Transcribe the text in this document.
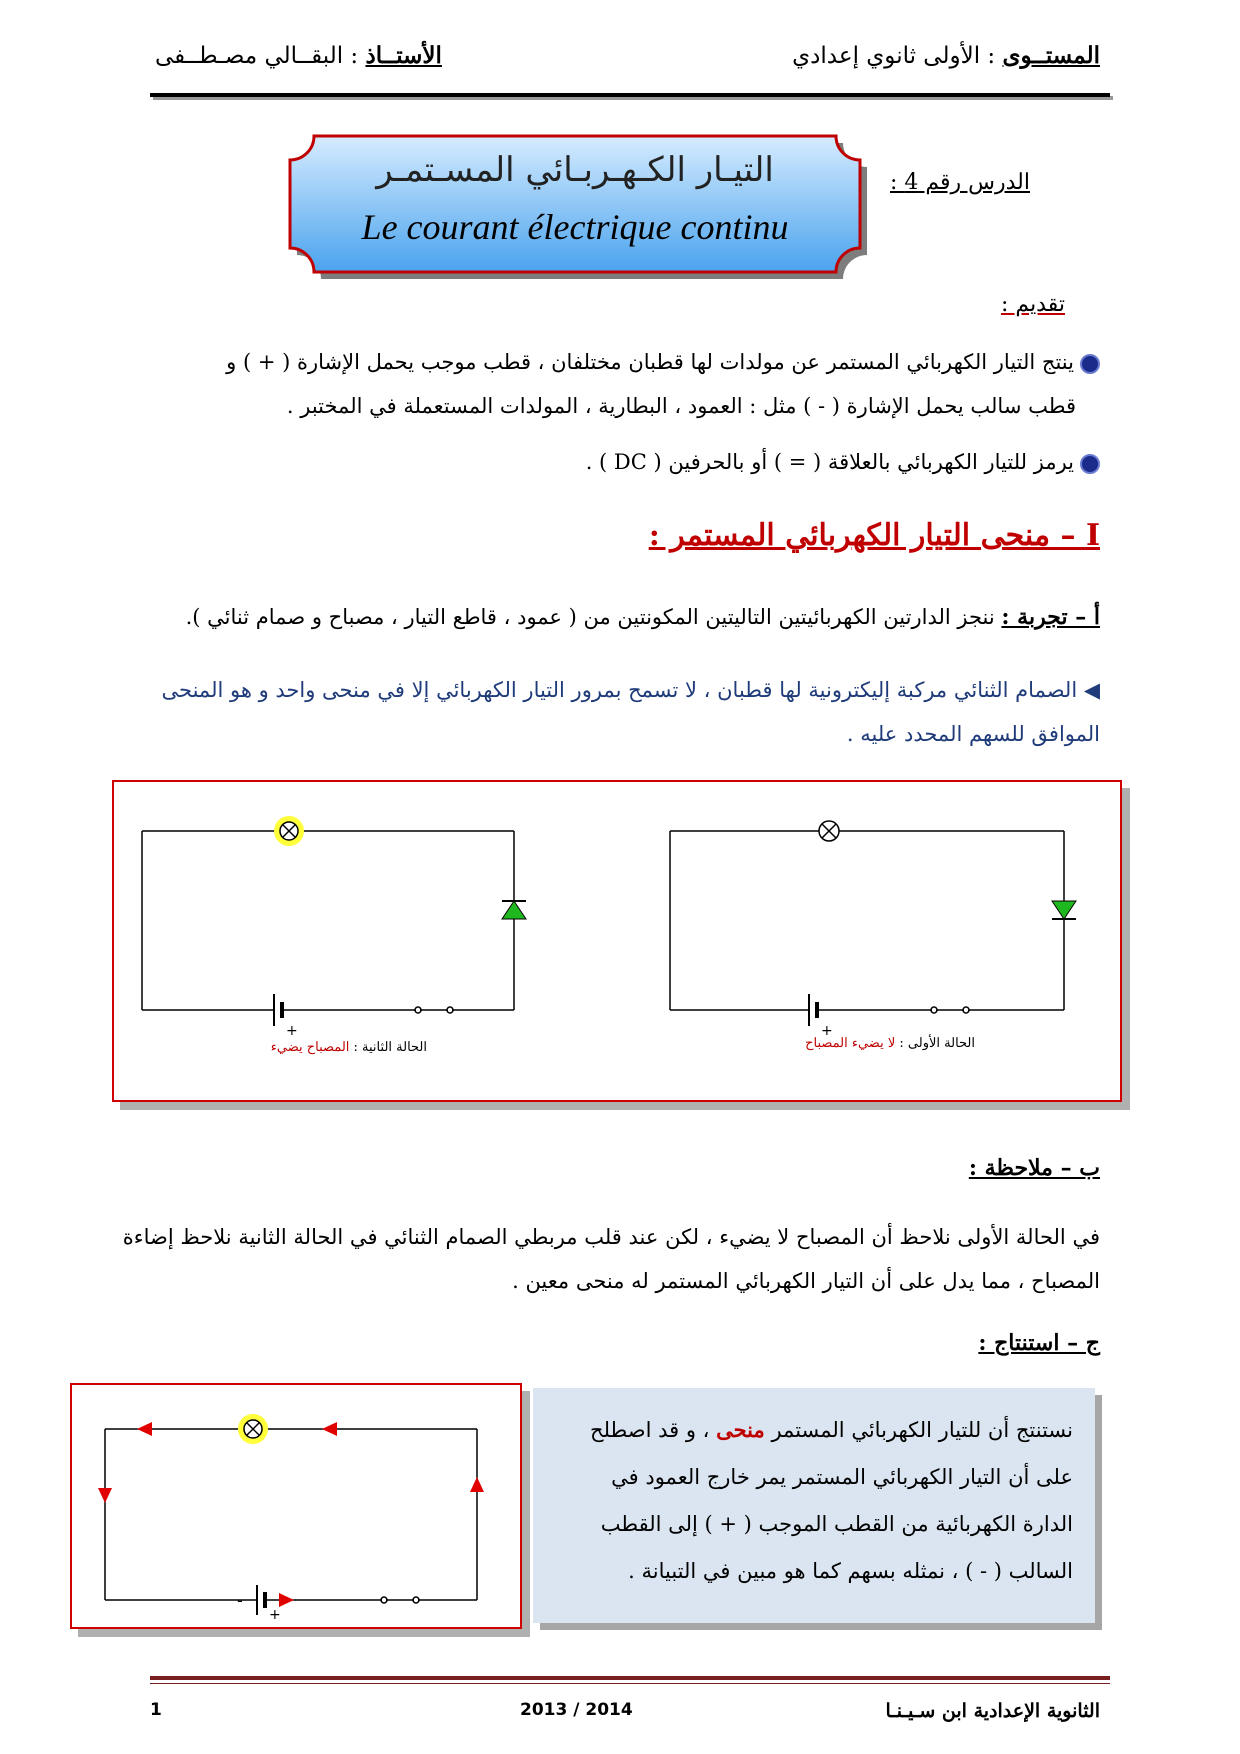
المستــوى : الأولى ثانوي إعدادي
الأستــاذ : البقــالي مصـطــفى
التيـار الكـهـربـائي المسـتمـر
Le courant électrique continu
الدرس رقم 4 :
تقديم :
ينتج التيار الكهربائي المستمر عن مولدات لها قطبان مختلفان ، قطب موجب يحمل الإشارة ( + ) و
قطب سالب يحمل الإشارة ( - ) مثل : العمود ، البطارية ، المولدات المستعملة في المختبر .
يرمز للتيار الكهربائي بالعلاقة ( = ) أو بالحرفين ( DC ) .
I – منحى التيار الكهربائي المستمر :
أ – تجربة : ننجز الدارتين الكهربائيتين التاليتين المكونتين من ( عمود ، قاطع التيار ، مصباح و صمام ثنائي ).
◀ الصمام الثنائي مركبة إليكترونية لها قطبان ، لا تسمح بمرور التيار الكهربائي إلا في منحى واحد و هو المنحى
الموافق للسهم المحدد عليه .
+	+
الحالة الثانية : المصباح يضيء	الحالة الأولى : لا يضيء المصباح
ب – ملاحظة :
في الحالة الأولى نلاحظ أن المصباح لا يضيء ، لكن عند قلب مربطي الصمام الثنائي في الحالة الثانية نلاحظ إضاءة
المصباح ، مما يدل على أن التيار الكهربائي المستمر له منحى معين .
ج – استنتاج :
-
+
نستنتج أن للتيار الكهربائي المستمر منحى ، و قد اصطلح على أن التيار الكهربائي المستمر يمر خارج العمود في الدارة الكهربائية من القطب الموجب ( + ) إلى القطب السالب ( - ) ، نمثله بسهم كما هو مبين في التبيانة .
الثانوية الإعدادية ابن سـيـنـا
2013 / 2014
1
